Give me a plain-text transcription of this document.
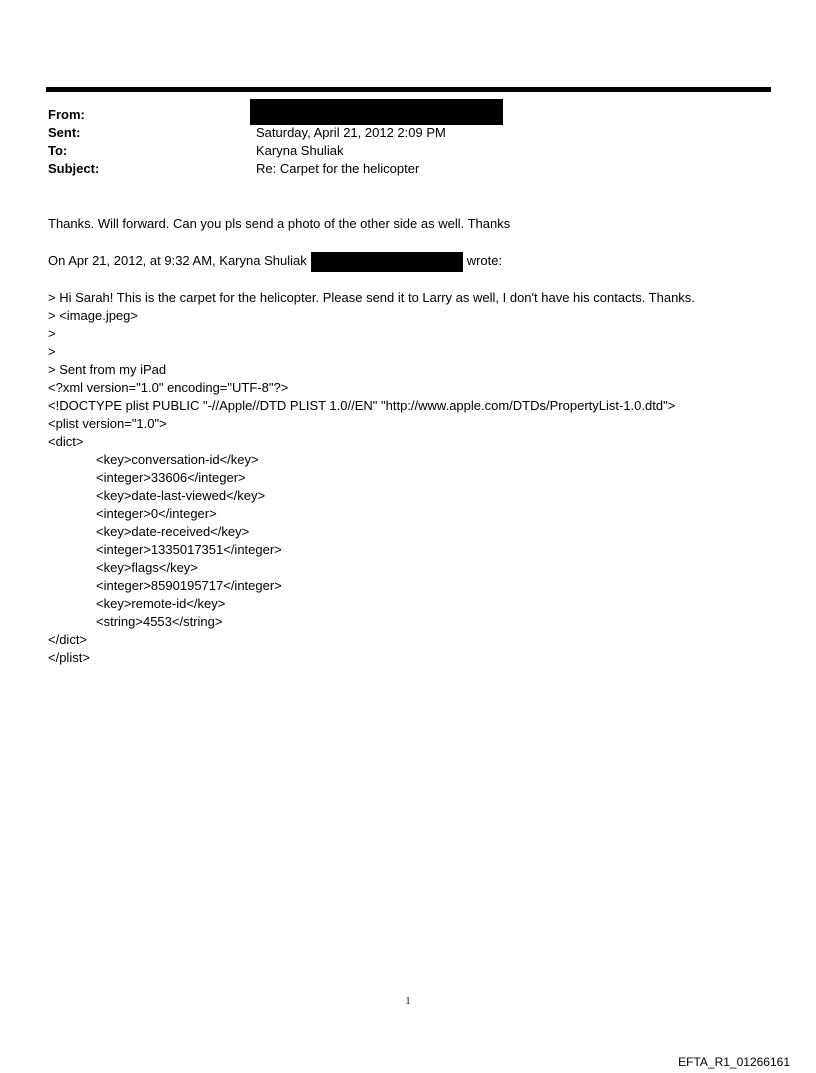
From:
Sent:	Saturday, April 21, 2012 2:09 PM
To:	Karyna Shuliak
Subject:	Re: Carpet for the helicopter

Thanks. Will forward. Can you pls send a photo of the other side as well. Thanks

On Apr 21, 2012, at 9:32 AM, Karyna Shuliak	wrote:
> Hi Sarah! This is the carpet for the helicopter. Please send it to Larry as well, I don't have his contacts. Thanks.
> <image.jpeg>
>
>
> Sent from my iPad
<?xml version="1.0" encoding="UTF-8"?>
<!DOCTYPE plist PUBLIC "-//Apple//DTD PLIST 1.0//EN" "http://www.apple.com/DTDs/PropertyList-1.0.dtd">
<plist version="1.0">
<dict>
<key>conversation-id</key>
<integer>33606</integer>
<key>date-last-viewed</key>
<integer>0</integer>
<key>date-received</key>
<integer>1335017351</integer>
<key>flags</key>
<integer>8590195717</integer>
<key>remote-id</key>
<string>4553</string>
</dict>
</plist>
1
EFTA_R1_01266161
